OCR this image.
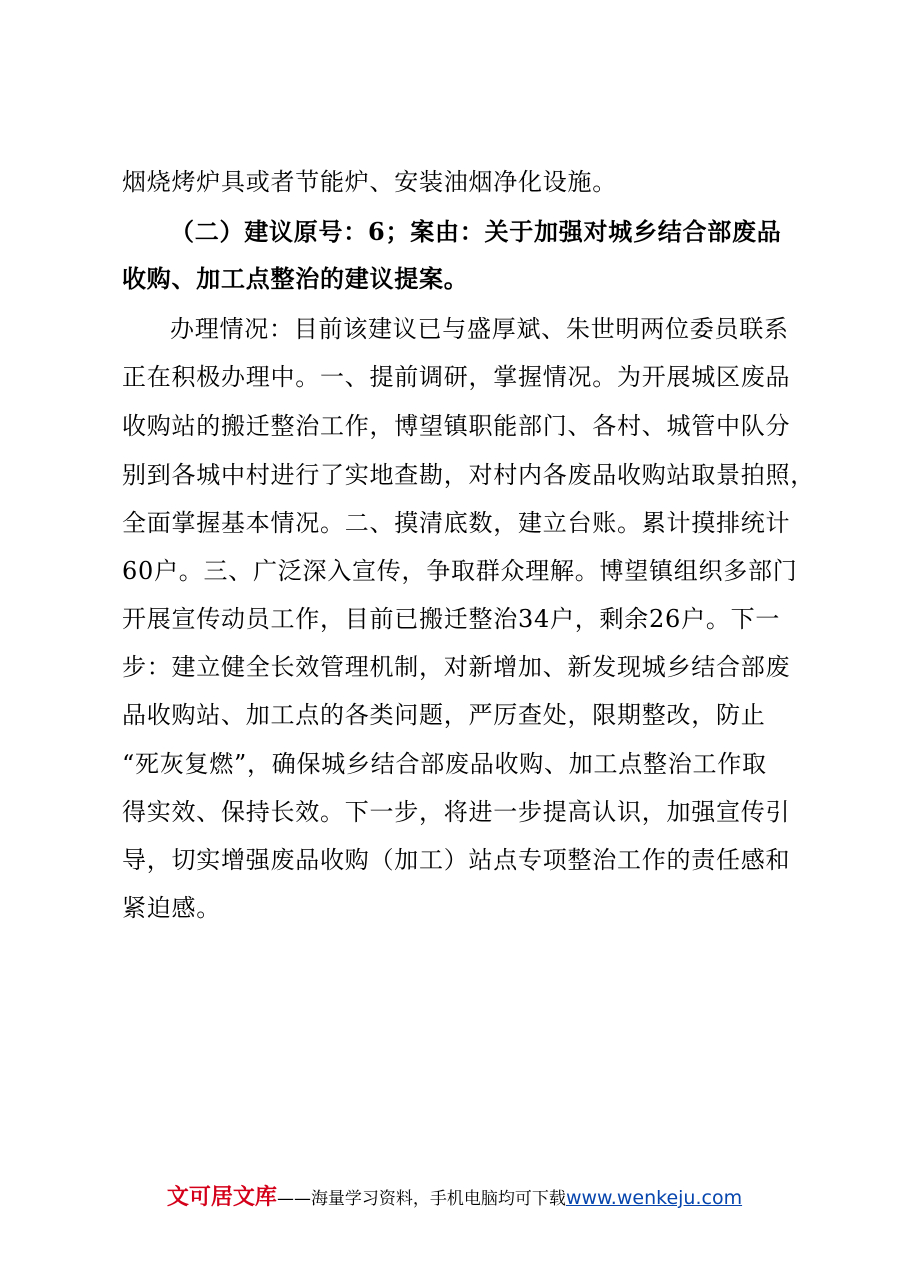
烟烧烤炉具或者节能炉、安装油烟净化设施。
（二）建议原号：6；案由：关于加强对城乡结合部废品
收购、加工点整治的建议提案。
办理情况：目前该建议已与盛厚斌、朱世明两位委员联系
正在积极办理中。一、提前调研，掌握情况。为开展城区废品
收购站的搬迁整治工作，博望镇职能部门、各村、城管中队分
别到各城中村进行了实地查勘，对村内各废品收购站取景拍照，
全面掌握基本情况。二、摸清底数，建立台账。累计摸排统计
60户。三、广泛深入宣传，争取群众理解。博望镇组织多部门
开展宣传动员工作，目前已搬迁整治34户，剩余26户。下一
步：建立健全长效管理机制，对新增加、新发现城乡结合部废
品收购站、加工点的各类问题，严厉查处，限期整改，防止
“死灰复燃”，确保城乡结合部废品收购、加工点整治工作取
得实效、保持长效。下一步，将进一步提高认识，加强宣传引
导，切实增强废品收购（加工）站点专项整治工作的责任感和
紧迫感。
文可居文库——海量学习资料，手机电脑均可下载www.wenkeju.com
